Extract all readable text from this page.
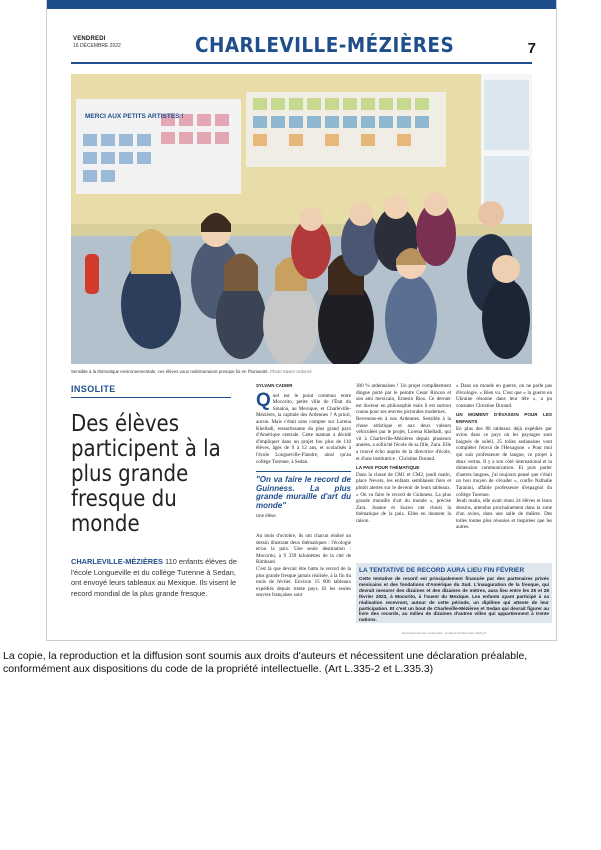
VENDREDI
16 DÉCEMBRE 2022	CHARLEVILLE-MÉZIÈRES	7
MERCI AUX PETITS ARTISTES !
Sensible à la thématique environnementale, ces élèves vous redémarraient presque foi en l'humanité. Photo Xavier Ardurné
INSOLITE
Des élèves participent à la plus grande fresque du monde
CHARLEVILLE-MÉZIÈRES 110 enfants élèves de l'école Longueville et du collège Turenne à Sedan, ont envoyé leurs tableaux au Mexique. Ils visent le record mondial de la plus grande fresque.
SYLVAIN CADIER
Q uel est le point commun entre Mocorito, petite ville de l'État du Sinaloa, au Mexique, et Charleville-Mézières, la capitale des Ardennes ? A priori, aucun. Mais c'était sans compter sur Lorena Khelladi, ressortissante du plus grand pays d'Amérique centrale. Cette maman a décidé d'impliquer dans un projet fou plus de 110 élèves, âgés de 9 à 12 ans, et scolarisés à l'école Longueville-Flandre, ainsi qu'au collège Turenne, à Sedan.
"On va faire le record de Guinness. La plus grande muraille d'art du monde"
Une élève
Au mois d'octobre, ils ont chacun réalisé un dessin illustrant deux thématiques : l'écologie et/ou la paix. Une seule destination : Mocorito, à 9 339 kilomètres de la cité de Rimbaud.
C'est là que devrait être battu le record de la plus grande fresque jamais réalisée, à la fin du mois de février. Environ 15 000 tableaux expédiés depuis trente pays. Et les seules œuvres françaises sont
300 % ardennaises ! Un projet complètement dingue porté par le peintre Cesar Rincon et son ami mexicain, Ernesto Rios. Ce dernier est docteur en philosophie mais il est surtout connu pour ses œuvres picturales modernes.
Revenons-en à nos Ardennes. Sensible à la chose artistique et aux deux valeurs véhiculées par le projet, Lorena Khelladi, qui vit à Charleville-Mézières depuis plusieurs années, a sollicité l'école de sa fille, Zara. Elle a trouvé écho auprès de la directrice d'école, et d'une institutrice : Christine Durand.
LA PAIX POUR THÉMATIQUE
Dans la classe de CM1 et CM2, jeudi matin, place Nevers, les enfants semblaient fiers et plutôt alertes sur le devenir de leurs tableaux. « On va faire le record de Guinness. La plus grande muraille d'art du monde », précise Zara. Joanne et Suzon ont choisi la thématique de la paix. Elles en donnent la raison.
« Dans un monde en guerre, on ne parle pas d'écologie. » Bien vu. C'est que « la guerre en Ukraine résonne dans leur tête », a pu constater Christine Durand.
UN MOMENT D'ÉVASION POUR LES ENFANTS
En plus des 86 tableaux déjà expédiés par avion dans ce pays où les paysages sont baignés de soleil, 25 toiles sedanaises vont compléter l'envoi de l'Hexagone. « Pour moi qui suis professeure de langue, ce projet à deux vertus. Il y a son côté international et la dimension communication. Et puis parler d'autres langues, j'ai toujours pensé que c'était un bon moyen de s'évader », confie Nathalie Taranini, affable professeure d'espagnol du collège Turenne.
Jeudi matin, elle avait réuni 24 élèves et leurs dessins, attendus prochainement dans la zone d'un avion, dans une salle de théâtre. Des toiles toutes plus réussies et inspirées que les autres.
LA TENTATIVE DE RECORD AURA LIEU FIN FÉVRIER
Cette tentative de record est principalement financée par des partenaires privés mexicains et des fondations d'Amérique du Sud. L'inauguration de la fresque, qui devrait mesurer des dizaines et des dizaines de mètres, aura lieu entre les 25 et 28 février 2023, à Mocorito, à l'ouest du Mexique. Les enfants ayant participé à sa réalisation recevront, autour de cette période, un diplôme qui atteste de leur participation. Et c'est un bout de Charleville-Mézières et Sedan qui devrait figurer au livre des records, au milieu de dizaines d'autres villes qui appartiennent à trente nations.
Document issu de L'ardennais · vendredi 16 décembre 2022 p7
La copie, la reproduction et la diffusion sont soumis aux droits d'auteurs et nécessitent une déclaration préalable, conformément aux dispositions du code de la propriété intellectuelle. (Art L.335-2 et L.335.3)
